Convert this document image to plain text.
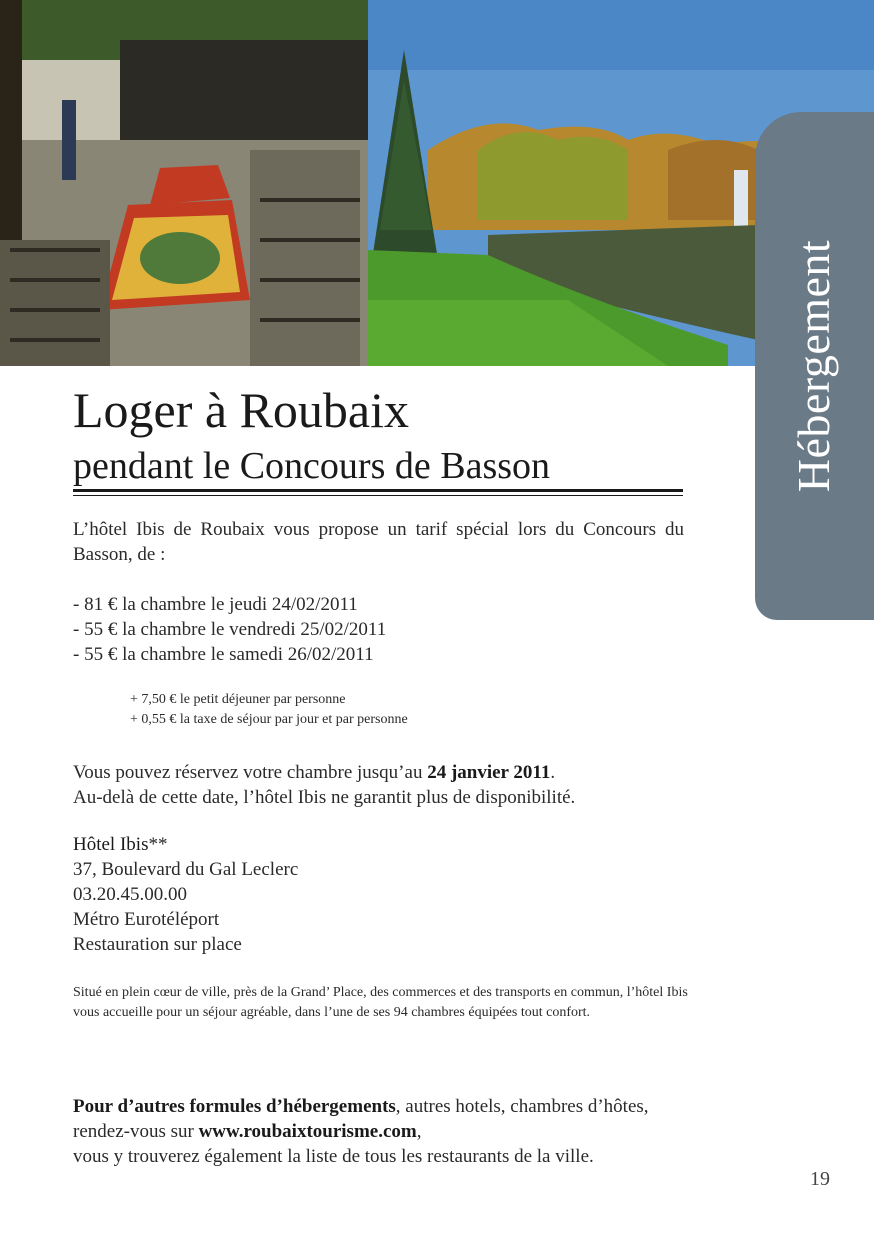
Hébergement
Loger à Roubaix
pendant le Concours de Basson

L’hôtel Ibis de Roubaix vous propose un tarif spécial lors du Concours du Basson, de :

- 81 € la chambre le jeudi 24/02/2011
- 55 € la chambre le vendredi 25/02/2011
- 55 € la chambre le samedi 26/02/2011
+ 7,50 € le petit déjeuner par personne
+ 0,55 € la taxe de séjour par jour et par personne

Vous pouvez réservez votre chambre jusqu’au 24 janvier 2011.
Au-delà de cette date, l’hôtel Ibis ne garantit plus de disponibilité.

Hôtel Ibis**
37, Boulevard du Gal Leclerc
03.20.45.00.00
Métro Eurotéléport
Restauration sur place

Situé en plein cœur de ville, près de la Grand’ Place, des commerces et des transports en commun, l’hôtel Ibis vous accueille pour un séjour agréable, dans l’une de ses 94 chambres équipées tout confort.

Pour d’autres formules d’hébergements, autres hotels, chambres d’hôtes, rendez-vous sur www.roubaixtourisme.com,
vous y trouverez également la liste de tous les restaurants de la ville.

19
